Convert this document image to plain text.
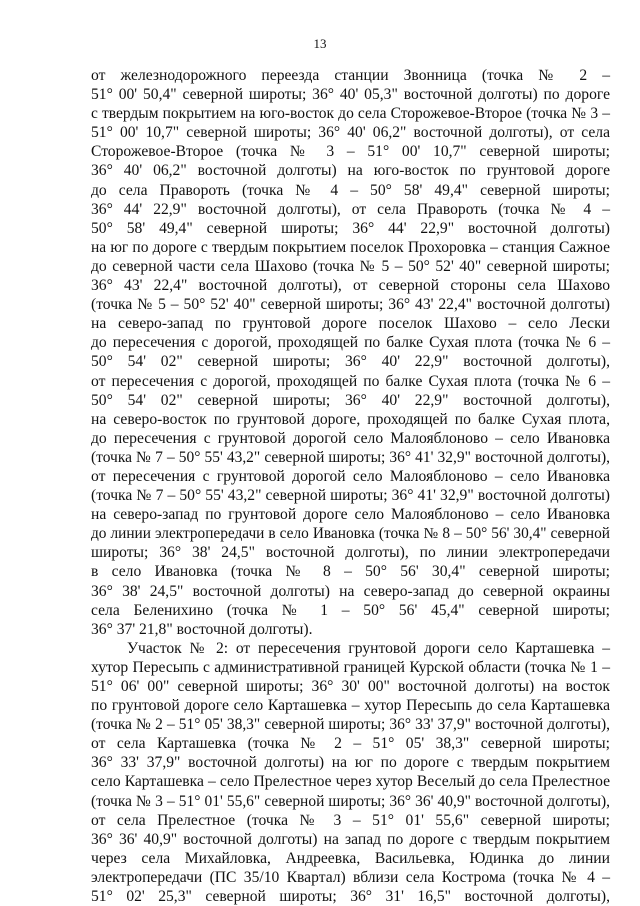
13
от железнодорожного переезда станции Звонница (точка № 2 –
51° 00' 50,4" северной широты; 36° 40' 05,3" восточной долготы) по дороге
с твердым покрытием на юго-восток до села Сторожевое-Второе (точка № 3 –
51° 00' 10,7" северной широты; 36° 40' 06,2" восточной долготы), от села
Сторожевое-Второе (точка № 3 – 51° 00' 10,7" северной широты;
36° 40' 06,2" восточной долготы) на юго-восток по грунтовой дороге
до села Правороть (точка № 4 – 50° 58' 49,4" северной широты;
36° 44' 22,9" восточной долготы), от села Правороть (точка № 4 –
50° 58' 49,4" северной широты; 36° 44' 22,9" восточной долготы)
на юг по дороге с твердым покрытием поселок Прохоровка – станция Сажное
до северной части села Шахово (точка № 5 – 50° 52' 40" северной широты;
36° 43' 22,4" восточной долготы), от северной стороны села Шахово
(точка № 5 – 50° 52' 40" северной широты; 36° 43' 22,4" восточной долготы)
на северо-запад по грунтовой дороге поселок Шахово – село Лески
до пересечения с дорогой, проходящей по балке Сухая плота (точка № 6 –
50° 54' 02" северной широты; 36° 40' 22,9" восточной долготы),
от пересечения с дорогой, проходящей по балке Сухая плота (точка № 6 –
50° 54' 02" северной широты; 36° 40' 22,9" восточной долготы),
на северо-восток по грунтовой дороге, проходящей по балке Сухая плота,
до пересечения с грунтовой дорогой село Малояблоново – село Ивановка
(точка № 7 – 50° 55' 43,2" северной широты; 36° 41' 32,9" восточной долготы),
от пересечения с грунтовой дорогой село Малояблоново – село Ивановка
(точка № 7 – 50° 55' 43,2" северной широты; 36° 41' 32,9" восточной долготы)
на северо-запад по грунтовой дороге село Малояблоново – село Ивановка
до линии электропередачи в село Ивановка (точка № 8 – 50° 56' 30,4" северной
широты; 36° 38' 24,5" восточной долготы), по линии электропередачи
в село Ивановка (точка № 8 – 50° 56' 30,4" северной широты;
36° 38' 24,5" восточной долготы) на северо-запад до северной окраины
села Беленихино (точка № 1 – 50° 56' 45,4" северной широты;
36° 37' 21,8" восточной долготы).
Участок № 2: от пересечения грунтовой дороги село Карташевка –
хутор Пересыпь с административной границей Курской области (точка № 1 –
51° 06' 00" северной широты; 36° 30' 00" восточной долготы) на восток
по грунтовой дороге село Карташевка – хутор Пересыпь до села Карташевка
(точка № 2 – 51° 05' 38,3" северной широты; 36° 33' 37,9" восточной долготы),
от села Карташевка (точка № 2 – 51° 05' 38,3" северной широты;
36° 33' 37,9" восточной долготы) на юг по дороге с твердым покрытием
село Карташевка – село Прелестное через хутор Веселый до села Прелестное
(точка № 3 – 51° 01' 55,6" северной широты; 36° 36' 40,9" восточной долготы),
от села Прелестное (точка № 3 – 51° 01' 55,6" северной широты;
36° 36' 40,9" восточной долготы) на запад по дороге с твердым покрытием
через села Михайловка, Андреевка, Васильевка, Юдинка до линии
электропередачи (ПС 35/10 Квартал) вблизи села Кострома (точка № 4 –
51° 02' 25,3" северной широты; 36° 31' 16,5" восточной долготы),
